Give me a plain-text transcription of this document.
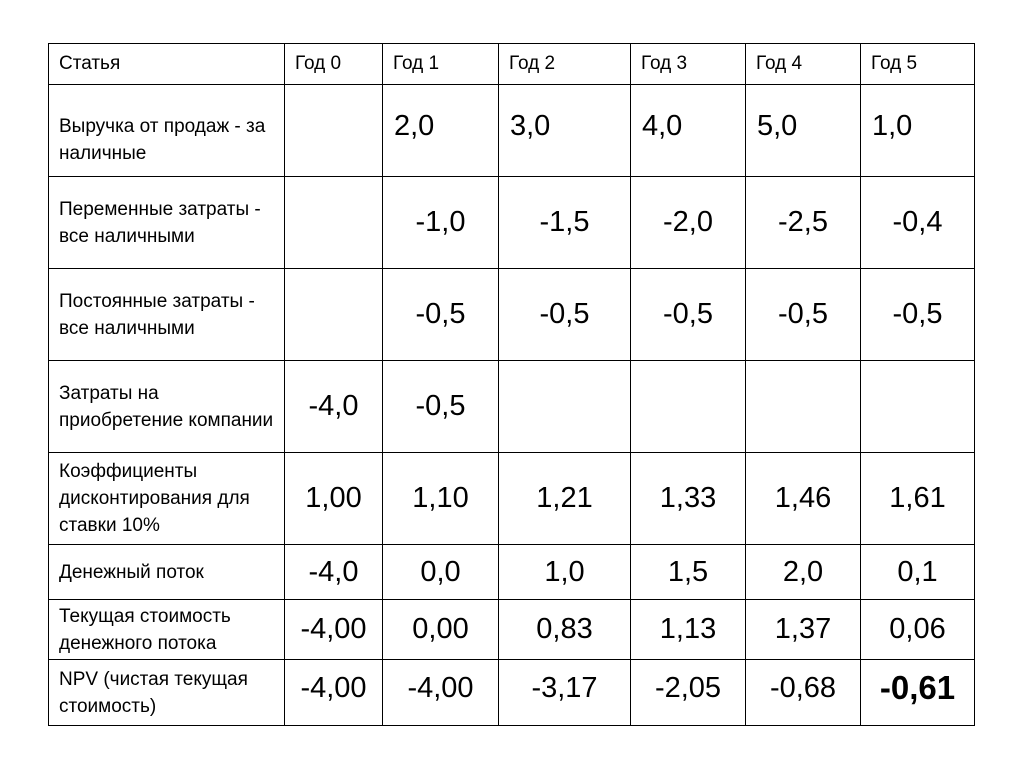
Статья	Год 0	Год 1	Год 2	Год 3	Год 4	Год 5
Выручка от продаж - за наличные		2,0	3,0	4,0	5,0	1,0
Переменные затраты - все наличными		-1,0	-1,5	-2,0	-2,5	-0,4
Постоянные затраты - все наличными		-0,5	-0,5	-0,5	-0,5	-0,5
Затраты на приобретение компании	-4,0	-0,5				
Коэффициенты дисконтирования для ставки 10%	1,00	1,10	1,21	1,33	1,46	1,61
Денежный поток	-4,0	0,0	1,0	1,5	2,0	0,1
Текущая стоимость денежного потока	-4,00	0,00	0,83	1,13	1,37	0,06
NPV (чистая текущая стоимость)	-4,00	-4,00	-3,17	-2,05	-0,68	-0,61
